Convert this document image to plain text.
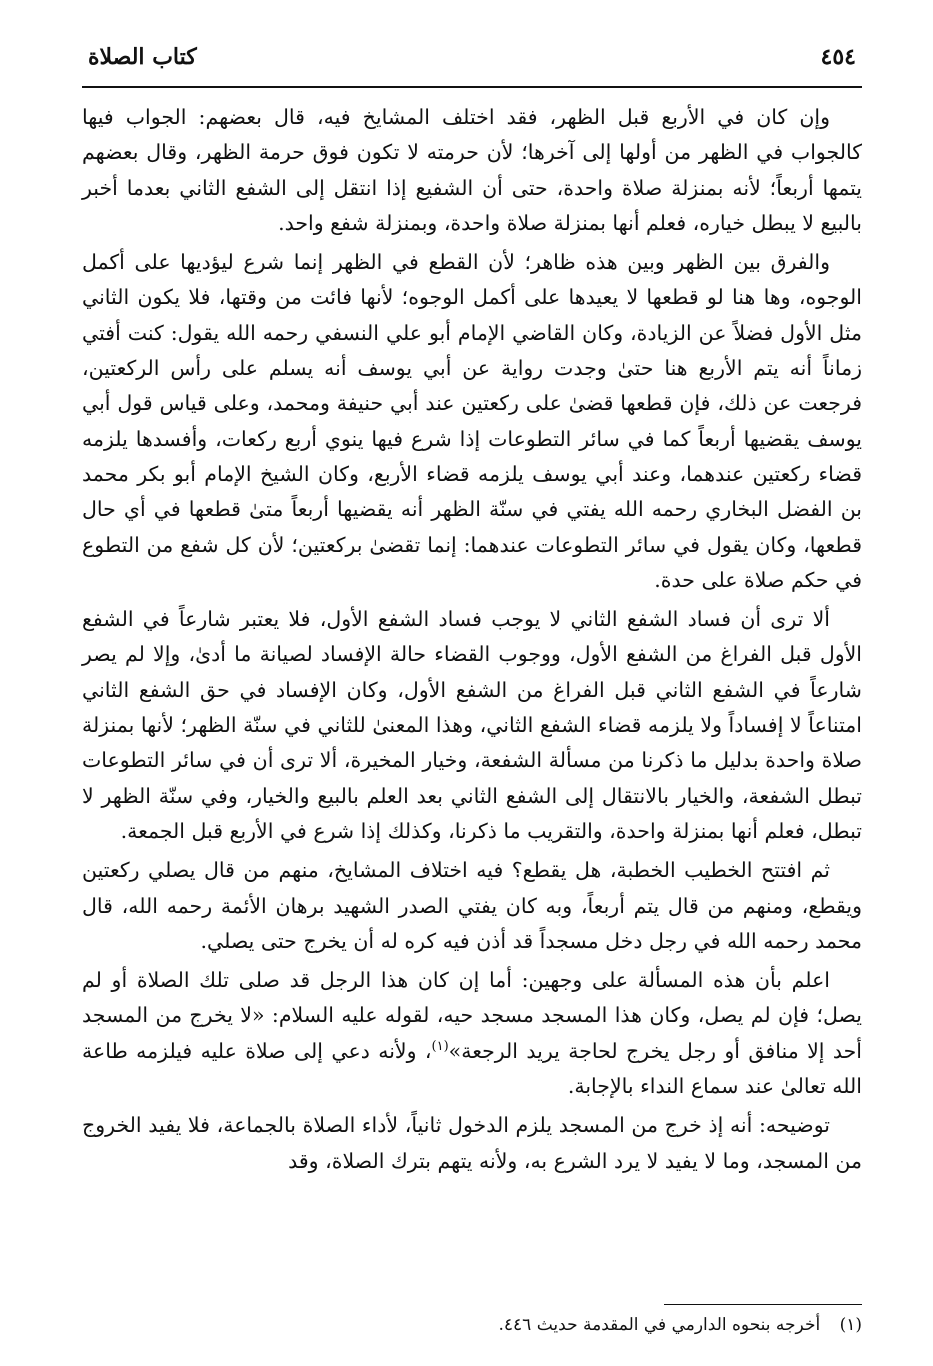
٤٥٤
كتاب الصلاة

وإن كان في الأربع قبل الظهر، فقد اختلف المشايخ فيه، قال بعضهم: الجواب فيها كالجواب في الظهر من أولها إلى آخرها؛ لأن حرمته لا تكون فوق حرمة الظهر، وقال بعضهم يتمها أربعاً؛ لأنه بمنزلة صلاة واحدة، حتى أن الشفيع إذا انتقل إلى الشفع الثاني بعدما أخبر بالبيع لا يبطل خياره، فعلم أنها بمنزلة صلاة واحدة، وبمنزلة شفع واحد.

والفرق بين الظهر وبين هذه ظاهر؛ لأن القطع في الظهر إنما شرع ليؤديها على أكمل الوجوه، وها هنا لو قطعها لا يعيدها على أكمل الوجوه؛ لأنها فائت من وقتها، فلا يكون الثاني مثل الأول فضلاً عن الزيادة، وكان القاضي الإمام أبو علي النسفي رحمه الله يقول: كنت أفتي زماناً أنه يتم الأربع هنا حتىٰ وجدت رواية عن أبي يوسف أنه يسلم على رأس الركعتين، فرجعت عن ذلك، فإن قطعها قضىٰ على ركعتين عند أبي حنيفة ومحمد، وعلى قياس قول أبي يوسف يقضيها أربعاً كما في سائر التطوعات إذا شرع فيها ينوي أربع ركعات، وأفسدها يلزمه قضاء ركعتين عندهما، وعند أبي يوسف يلزمه قضاء الأربع، وكان الشيخ الإمام أبو بكر محمد بن الفضل البخاري رحمه الله يفتي في سنّة الظهر أنه يقضيها أربعاً متىٰ قطعها في أي حال قطعها، وكان يقول في سائر التطوعات عندهما: إنما تقضىٰ بركعتين؛ لأن كل شفع من التطوع في حكم صلاة على حدة.

ألا ترى أن فساد الشفع الثاني لا يوجب فساد الشفع الأول، فلا يعتبر شارعاً في الشفع الأول قبل الفراغ من الشفع الأول، ووجوب القضاء حالة الإفساد لصيانة ما أدىٰ، وإلا لم يصر شارعاً في الشفع الثاني قبل الفراغ من الشفع الأول، وكان الإفساد في حق الشفع الثاني امتناعاً لا إفساداً ولا يلزمه قضاء الشفع الثاني، وهذا المعنىٰ للثاني في سنّة الظهر؛ لأنها بمنزلة صلاة واحدة بدليل ما ذكرنا من مسألة الشفعة، وخيار المخيرة، ألا ترى أن في سائر التطوعات تبطل الشفعة، والخيار بالانتقال إلى الشفع الثاني بعد العلم بالبيع والخيار، وفي سنّة الظهر لا تبطل، فعلم أنها بمنزلة واحدة، والتقريب ما ذكرنا، وكذلك إذا شرع في الأربع قبل الجمعة.

ثم افتتح الخطيب الخطبة، هل يقطع؟ فيه اختلاف المشايخ، منهم من قال يصلي ركعتين ويقطع، ومنهم من قال يتم أربعاً، وبه كان يفتي الصدر الشهيد برهان الأئمة رحمه الله، قال محمد رحمه الله في رجل دخل مسجداً قد أذن فيه كره له أن يخرج حتى يصلي.

اعلم بأن هذه المسألة على وجهين: أما إن كان هذا الرجل قد صلى تلك الصلاة أو لم يصل؛ فإن لم يصل، وكان هذا المسجد مسجد حيه، لقوله عليه السلام: «لا يخرج من المسجد أحد إلا منافق أو رجل يخرج لحاجة يريد الرجعة»$^{(١)}$، ولأنه دعي إلى صلاة عليه فيلزمه طاعة الله تعالىٰ عند سماع النداء بالإجابة.

توضيحه: أنه إذ خرج من المسجد يلزم الدخول ثانياً، لأداء الصلاة بالجماعة، فلا يفيد الخروج من المسجد، وما لا يفيد لا يرد الشرع به، ولأنه يتهم بترك الصلاة، وقد

(١) أخرجه بنحوه الدارمي في المقدمة حديث ٤٤٦.
